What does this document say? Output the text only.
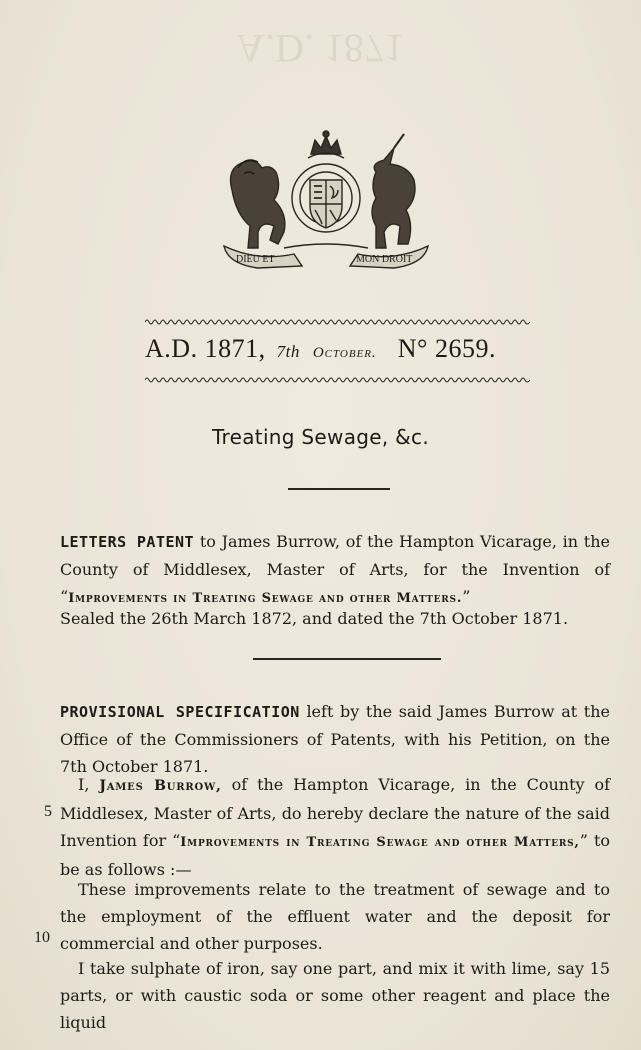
A.D. 1871
DIEU ET	MON DROIT
A.D. 1871, 7th October. N° 2659.
Treating Sewage, &c.
LETTERS PATENT to James Burrow, of the Hampton Vicarage, in the County of Middlesex, Master of Arts, for the Invention of “Improvements in Treating Sewage and other Matters.”
Sealed the 26th March 1872, and dated the 7th October 1871.
PROVISIONAL SPECIFICATION left by the said James Burrow at the Office of the Commissioners of Patents, with his Petition, on the 7th October 1871.
I, James Burrow, of the Hampton Vicarage, in the County of Middlesex, Master of Arts, do hereby declare the nature of the said Invention for “Improvements in Treating Sewage and other Matters,” to be as follows :—
These improvements relate to the treatment of sewage and to the employment of the effluent water and the deposit for commercial and other purposes.
I take sulphate of iron, say one part, and mix it with lime, say 15 parts, or with caustic soda or some other reagent and place the liquid
5
10
